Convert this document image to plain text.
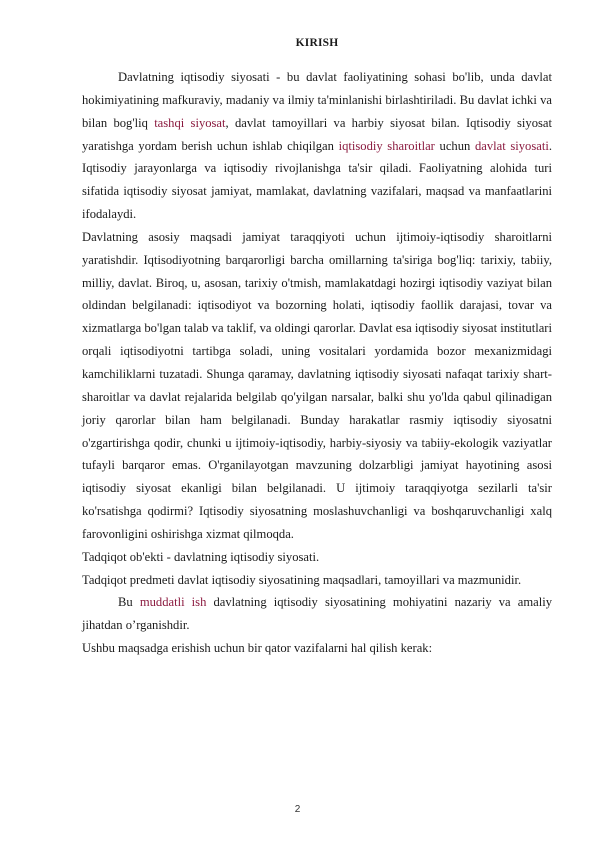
KIRISH

Davlatning iqtisodiy siyosati - bu davlat faoliyatining sohasi bo'lib, unda davlat hokimiyatining mafkuraviy, madaniy va ilmiy ta'minlanishi birlashtiriladi. Bu davlat ichki va bilan bog'liq tashqi siyosat, davlat tamoyillari va harbiy siyosat bilan. Iqtisodiy siyosat yaratishga yordam berish uchun ishlab chiqilgan iqtisodiy sharoitlar uchun davlat siyosati. Iqtisodiy jarayonlarga va iqtisodiy rivojlanishga ta'sir qiladi. Faoliyatning alohida turi sifatida iqtisodiy siyosat jamiyat, mamlakat, davlatning vazifalari, maqsad va manfaatlarini ifodalaydi.

Davlatning asosiy maqsadi jamiyat taraqqiyoti uchun ijtimoiy-iqtisodiy sharoitlarni yaratishdir. Iqtisodiyotning barqarorligi barcha omillarning ta'siriga bog'liq: tarixiy, tabiiy, milliy, davlat. Biroq, u, asosan, tarixiy o'tmish, mamlakatdagi hozirgi iqtisodiy vaziyat bilan oldindan belgilanadi: iqtisodiyot va bozorning holati, iqtisodiy faollik darajasi, tovar va xizmatlarga bo'lgan talab va taklif, va oldingi qarorlar. Davlat esa iqtisodiy siyosat institutlari orqali iqtisodiyotni tartibga soladi, uning vositalari yordamida bozor mexanizmidagi kamchiliklarni tuzatadi. Shunga qaramay, davlatning iqtisodiy siyosati nafaqat tarixiy shart-sharoitlar va davlat rejalarida belgilab qo'yilgan narsalar, balki shu yo'lda qabul qilinadigan joriy qarorlar bilan ham belgilanadi. Bunday harakatlar rasmiy iqtisodiy siyosatni o'zgartirishga qodir, chunki u ijtimoiy-iqtisodiy, harbiy-siyosiy va tabiiy-ekologik vaziyatlar tufayli barqaror emas. O'rganilayotgan mavzuning dolzarbligi jamiyat hayotining asosi iqtisodiy siyosat ekanligi bilan belgilanadi. U ijtimoiy taraqqiyotga sezilarli ta'sir ko'rsatishga qodirmi? Iqtisodiy siyosatning moslashuvchanligi va boshqaruvchanligi xalq farovonligini oshirishga xizmat qilmoqda.

Tadqiqot ob'ekti - davlatning iqtisodiy siyosati.

Tadqiqot predmeti davlat iqtisodiy siyosatining maqsadlari, tamoyillari va mazmunidir.

Bu muddatli ish davlatning iqtisodiy siyosatining mohiyatini nazariy va amaliy jihatdan o’rganishdir.

Ushbu maqsadga erishish uchun bir qator vazifalarni hal qilish kerak:

2
